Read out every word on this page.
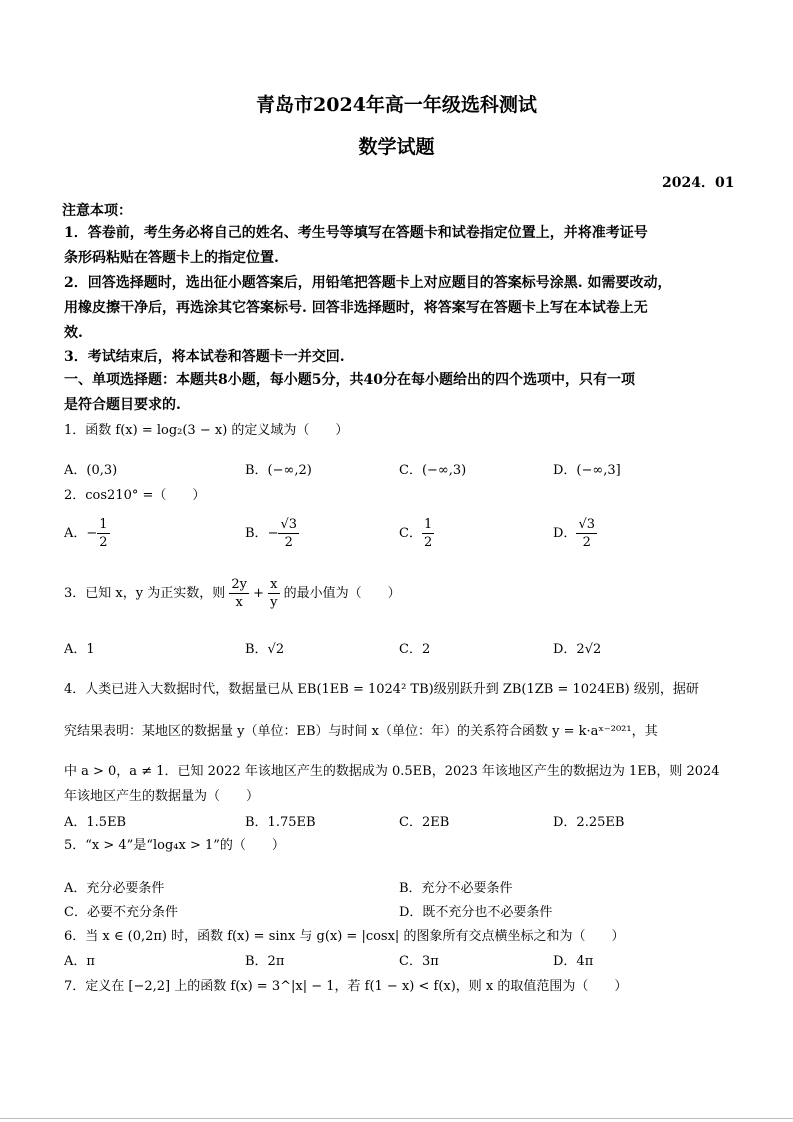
青岛市2024年高一年级选科测试
数学试题
2024．01
注意本项：
1．答卷前，考生务必将自己的姓名、考生号等填写在答题卡和试卷指定位置上，并将准考证号
条形码粘贴在答题卡上的指定位置.
2．回答选择题时，选出征小题答案后，用铅笔把答题卡上对应题目的答案标号涂黑. 如需要改动，
用橡皮擦干净后，再选涂其它答案标号. 回答非选择题时，将答案写在答题卡上写在本试卷上无
效.
3．考试结束后，将本试卷和答题卡一并交回.
一、单项选择题：本题共8小题，每小题5分，共40分在每小题给出的四个选项中，只有一项
是符合题目要求的.
1．函数 f(x) = log₂(3 − x) 的定义域为（　　）
A．(0,3)	B．(−∞,2)	C．(−∞,3)	D．(−∞,3]
2．cos210° =（　　）
A．− $\frac{1}{2}$	B．− $\frac{√3}{2}$	C． $\frac{1}{2}$	D． $\frac{√3}{2}$
3．已知 x，y 为正实数，则 $\frac{2y}{x} + \frac{x}{y}$ 的最小值为（　　）
A．1	B．√2	C．2	D．2√2
4．人类已进入大数据时代，数据量已从 EB(1EB = 1024² TB)级别跃升到 ZB(1ZB = 1024EB) 级别，据研
究结果表明：某地区的数据量 y（单位：EB）与时间 x（单位：年）的关系符合函数 y = k·aˣ⁻²⁰²¹，其
中 a > 0，a ≠ 1．已知 2022 年该地区产生的数据成为 0.5EB，2023 年该地区产生的数据边为 1EB，则 2024
年该地区产生的数据量为（　　）
A．1.5EB	B．1.75EB	C．2EB	D．2.25EB
5．“x > 4”是“log₄x > 1”的（　　）
A．充分必要条件	B．充分不必要条件
C．必要不充分条件	D．既不充分也不必要条件
6．当 x ∈ (0,2π) 时，函数 f(x) = sinx 与 g(x) = |cosx| 的图象所有交点横坐标之和为（　　）
A．π	B．2π	C．3π	D．4π
7．定义在 [−2,2] 上的函数 f(x) = 3^|x| − 1，若 f(1 − x) < f(x)，则 x 的取值范围为（　　）
